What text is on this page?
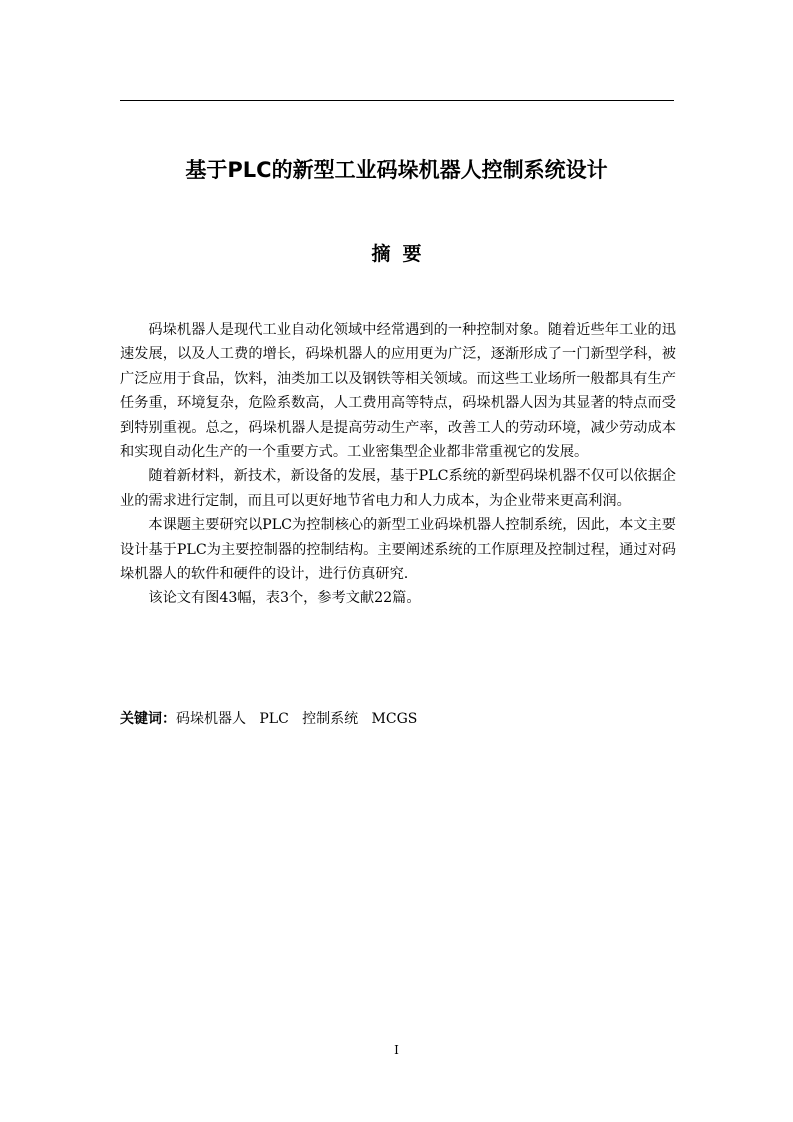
基于PLC的新型工业码垛机器人控制系统设计
摘要

码垛机器人是现代工业自动化领域中经常遇到的一种控制对象。随着近些年工业的迅速发展，以及人工费的增长，码垛机器人的应用更为广泛，逐渐形成了一门新型学科，被广泛应用于食品，饮料，油类加工以及钢铁等相关领域。而这些工业场所一般都具有生产任务重，环境复杂，危险系数高，人工费用高等特点，码垛机器人因为其显著的特点而受到特别重视。总之，码垛机器人是提高劳动生产率，改善工人的劳动环境，减少劳动成本和实现自动化生产的一个重要方式。工业密集型企业都非常重视它的发展。

随着新材料，新技术，新设备的发展，基于PLC系统的新型码垛机器不仅可以依据企业的需求进行定制，而且可以更好地节省电力和人力成本，为企业带来更高利润。

本课题主要研究以PLC为控制核心的新型工业码垛机器人控制系统，因此，本文主要设计基于PLC为主要控制器的控制结构。主要阐述系统的工作原理及控制过程，通过对码垛机器人的软件和硬件的设计，进行仿真研究.

该论文有图43幅，表3个，参考文献22篇。

关键词：码垛机器人 PLC 控制系统 MCGS
I
